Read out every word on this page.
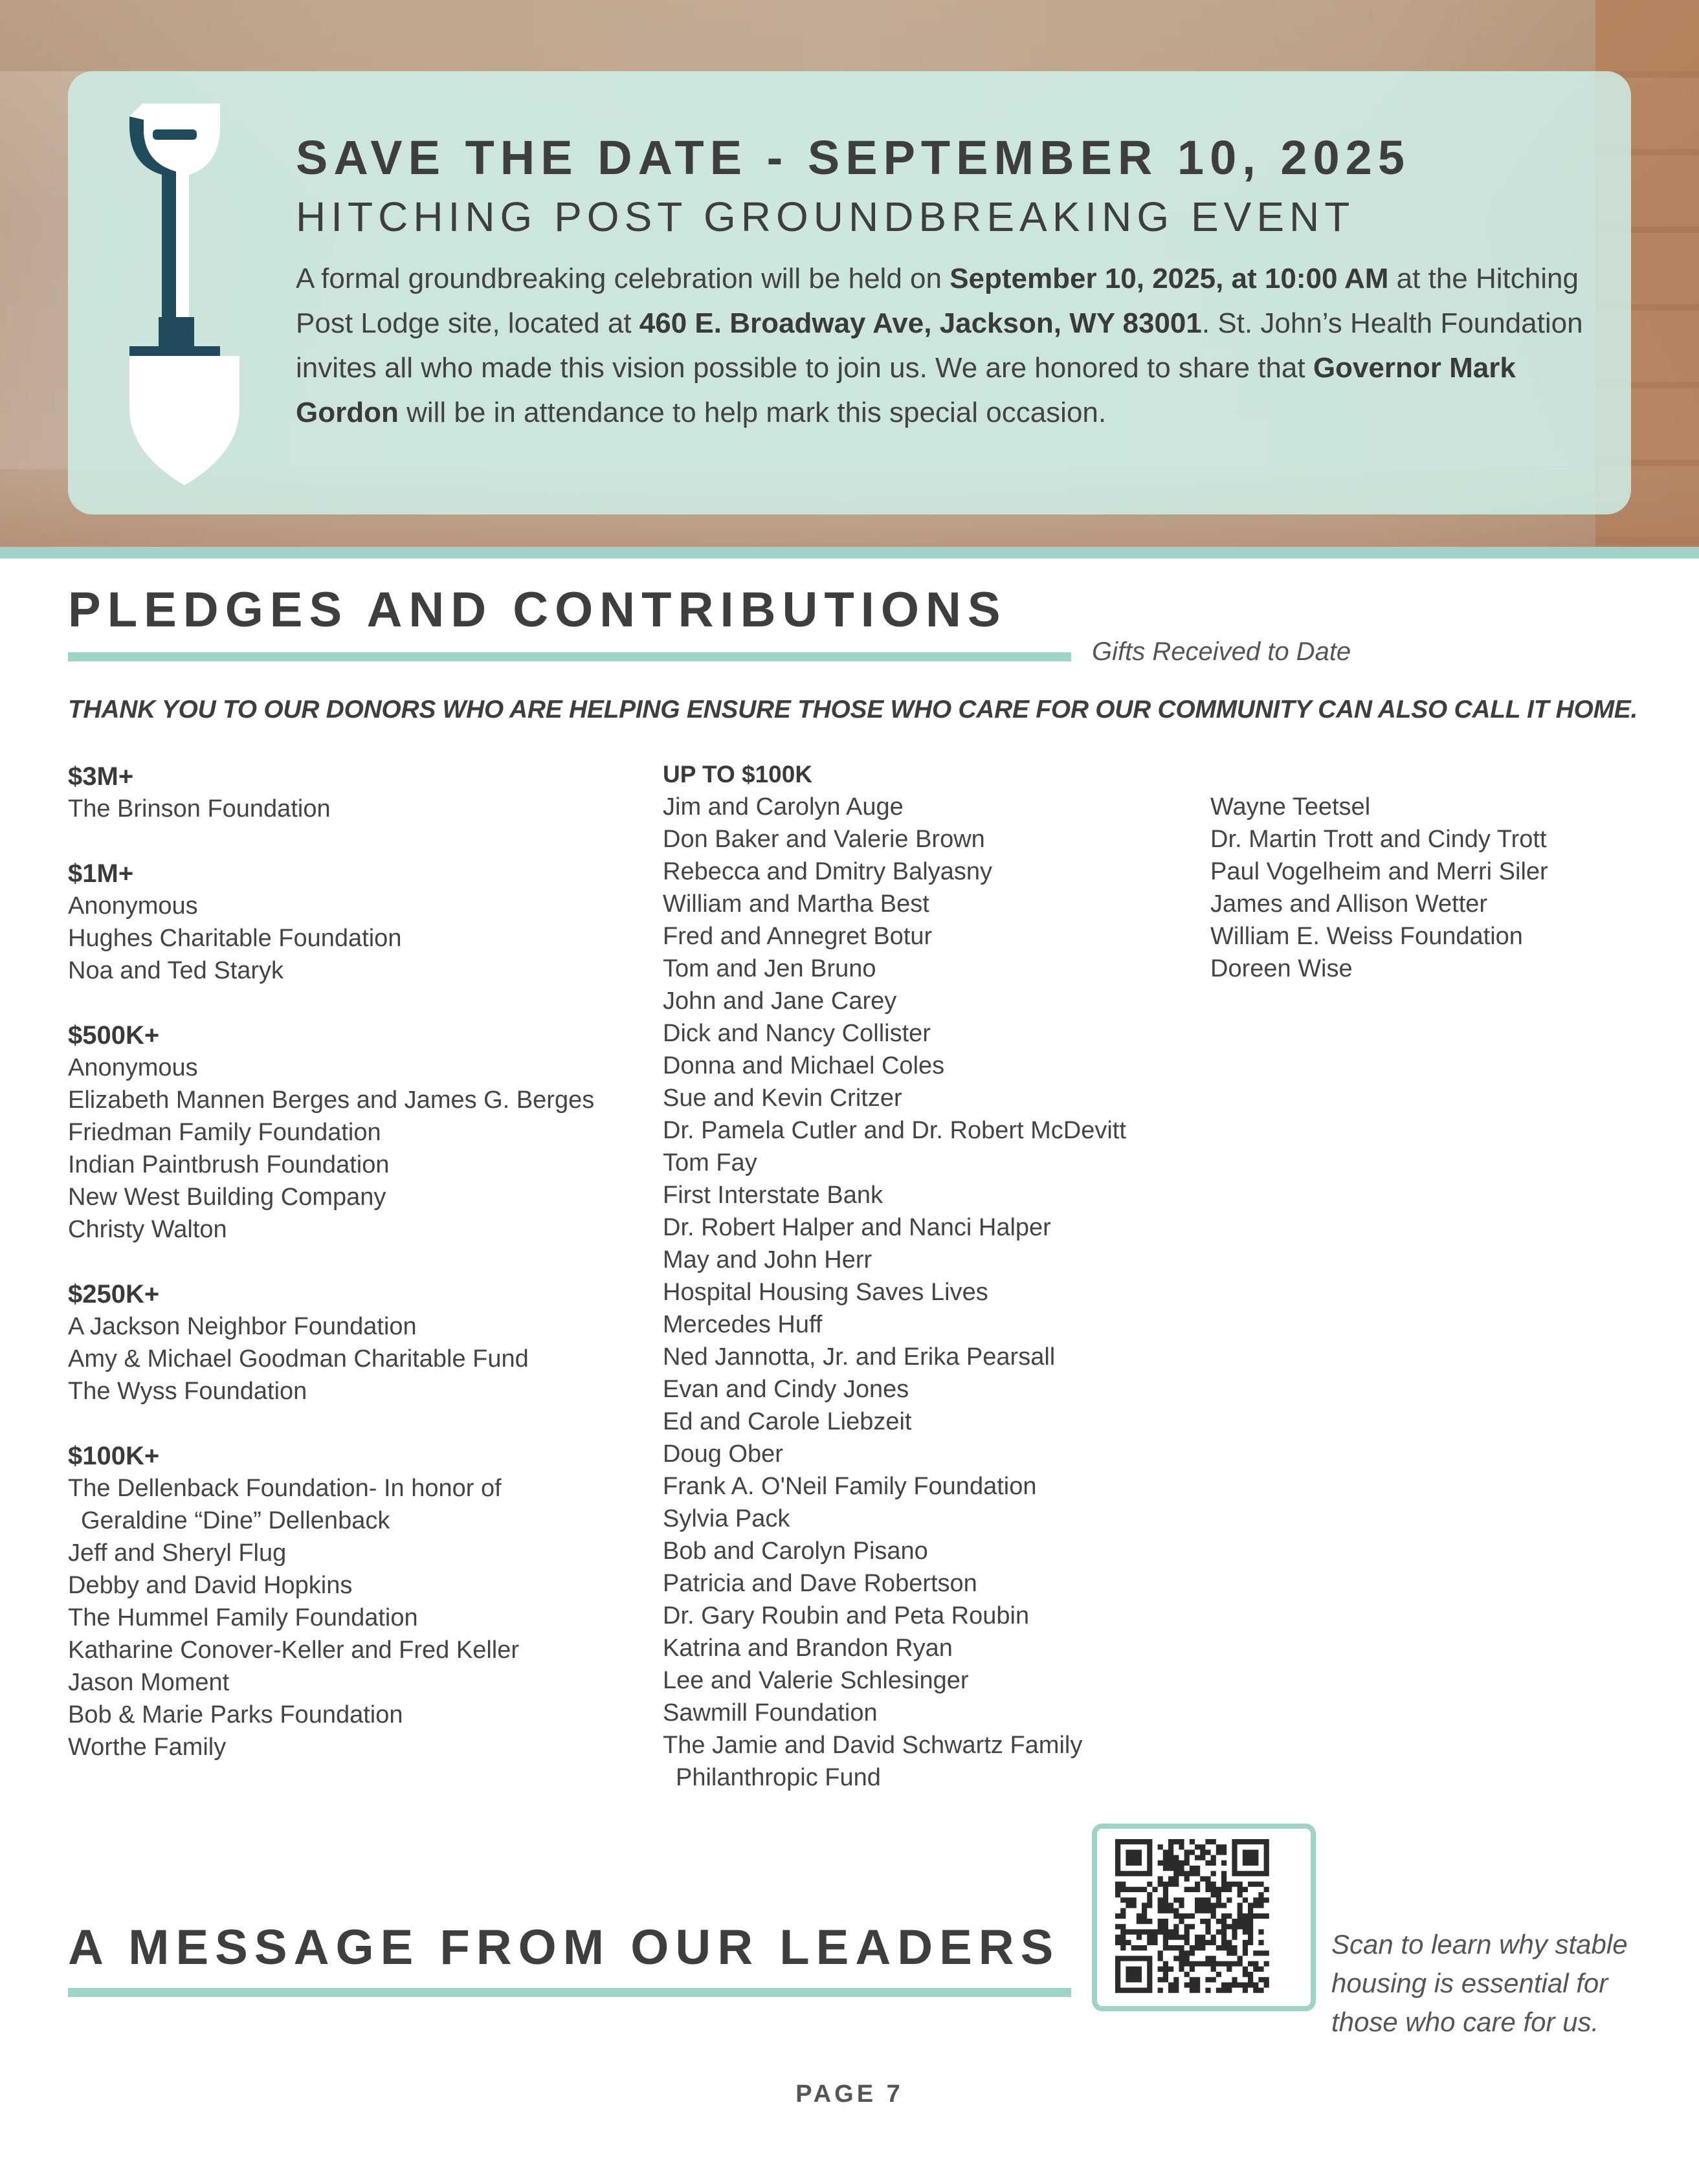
SAVE THE DATE - SEPTEMBER 10, 2025
HITCHING POST GROUNDBREAKING EVENT

A formal groundbreaking celebration will be held on September 10, 2025, at 10:00 AM at the Hitching Post Lodge site, located at 460 E. Broadway Ave, Jackson, WY 83001. St. John’s Health Foundation invites all who made this vision possible to join us. We are honored to share that Governor Mark Gordon will be in attendance to help mark this special occasion.

PLEDGES AND CONTRIBUTIONS
Gifts Received to Date
THANK YOU TO OUR DONORS WHO ARE HELPING ENSURE THOSE WHO CARE FOR OUR COMMUNITY CAN ALSO CALL IT HOME.
$3M+
The Brinson Foundation
$1M+
Anonymous
Hughes Charitable Foundation
Noa and Ted Staryk
$500K+
Anonymous
Elizabeth Mannen Berges and James G. Berges
Friedman Family Foundation
Indian Paintbrush Foundation
New West Building Company
Christy Walton
$250K+
A Jackson Neighbor Foundation
Amy & Michael Goodman Charitable Fund
The Wyss Foundation
$100K+
The Dellenback Foundation- In honor of
Geraldine “Dine” Dellenback
Jeff and Sheryl Flug
Debby and David Hopkins
The Hummel Family Foundation
Katharine Conover-Keller and Fred Keller
Jason Moment
Bob & Marie Parks Foundation
Worthe Family
UP TO $100K
Jim and Carolyn Auge
Don Baker and Valerie Brown
Rebecca and Dmitry Balyasny
William and Martha Best
Fred and Annegret Botur
Tom and Jen Bruno
John and Jane Carey
Dick and Nancy Collister
Donna and Michael Coles
Sue and Kevin Critzer
Dr. Pamela Cutler and Dr. Robert McDevitt
Tom Fay
First Interstate Bank
Dr. Robert Halper and Nanci Halper
May and John Herr
Hospital Housing Saves Lives
Mercedes Huff
Ned Jannotta, Jr. and Erika Pearsall
Evan and Cindy Jones
Ed and Carole Liebzeit
Doug Ober
Frank A. O'Neil Family Foundation
Sylvia Pack
Bob and Carolyn Pisano
Patricia and Dave Robertson
Dr. Gary Roubin and Peta Roubin
Katrina and Brandon Ryan
Lee and Valerie Schlesinger
Sawmill Foundation
The Jamie and David Schwartz Family
Philanthropic Fund
Wayne Teetsel
Dr. Martin Trott and Cindy Trott
Paul Vogelheim and Merri Siler
James and Allison Wetter
William E. Weiss Foundation
Doreen Wise
A MESSAGE FROM OUR LEADERS	Scan to learn why stable housing is essential for those who care for us.
PAGE 7
